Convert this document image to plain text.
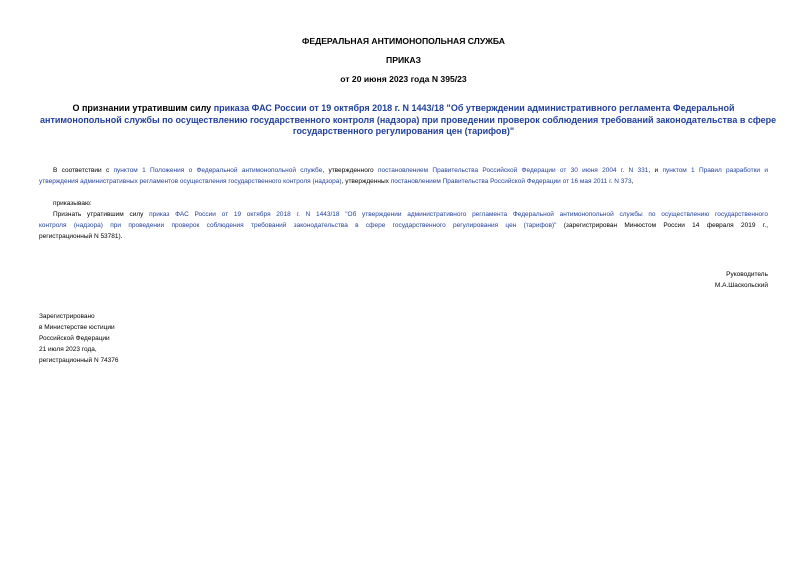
ФЕДЕРАЛЬНАЯ АНТИМОНОПОЛЬНАЯ СЛУЖБА
ПРИКАЗ
от 20 июня 2023 года N 395/23
О признании утратившим силу приказа ФАС России от 19 октября 2018 г. N 1443/18 "Об утверждении административного регламента Федеральной
антимонопольной службы по осуществлению государственного контроля (надзора) при проведении проверок соблюдения требований законодательства в сфере
государственного регулирования цен (тарифов)"
В соответствии с пунктом 1 Положения о Федеральной антимонопольной службе, утвержденного постановлением Правительства Российской Федерации от 30 июня 2004 г. N 331, и пунктом 1 Правил разработки и
утверждения административных регламентов осуществления государственного контроля (надзора), утвержденных постановлением Правительства Российской Федерации от 16 мая 2011 г. N 373,
приказываю:
Признать утратившим силу приказ ФАС России от 19 октября 2018 г. N 1443/18 "Об утверждении административного регламента Федеральной антимонопольной службы по осуществлению государственного
контроля (надзора) при проведении проверок соблюдения требований законодательства в сфере государственного регулирования цен (тарифов)" (зарегистрирован Минюстом России 14 февраля 2019 г.,
регистрационный N 53781).
Руководитель
М.А.Шаскольский
Зарегистрировано
в Министерстве юстиции
Российской Федерации
21 июля 2023 года,
регистрационный N 74376
